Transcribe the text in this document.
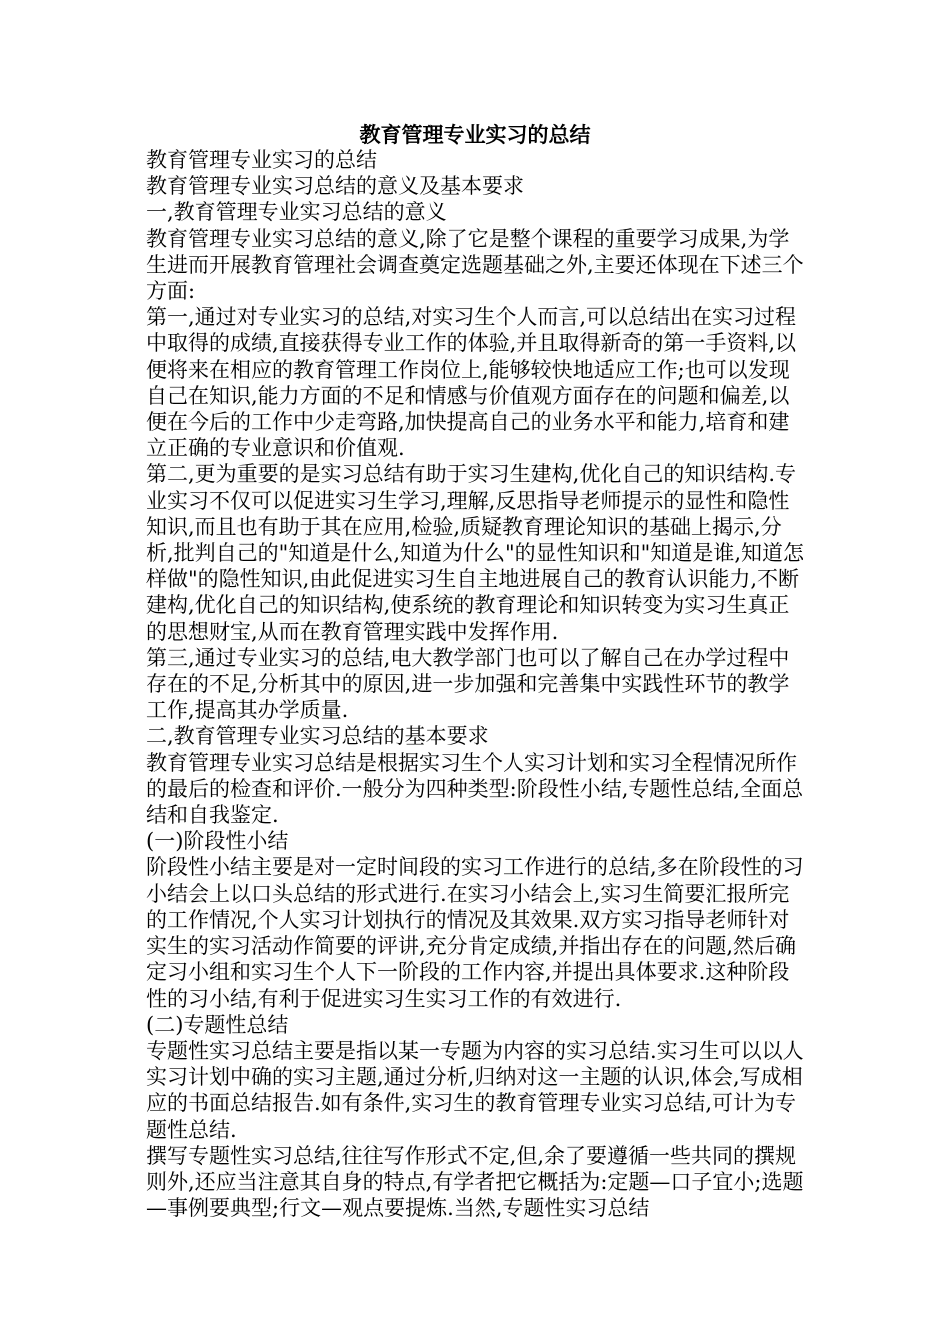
教育管理专业实习的总结

教育管理专业实习的总结

教育管理专业实习总结的意义及基本要求

一,教育管理专业实习总结的意义

教育管理专业实习总结的意义,除了它是整个课程的重要学习成果,为学生进而开展教育管理社会调查奠定选题基础之外,主要还体现在下述三个方面:

第一,通过对专业实习的总结,对实习生个人而言,可以总结出在实习过程中取得的成绩,直接获得专业工作的体验,并且取得新奇的第一手资料,以便将来在相应的教育管理工作岗位上,能够较快地适应工作;也可以发现自己在知识,能力方面的不足和情感与价值观方面存在的问题和偏差,以便在今后的工作中少走弯路,加快提高自己的业务水平和能力,培育和建立正确的专业意识和价值观.

第二,更为重要的是实习总结有助于实习生建构,优化自己的知识结构.专业实习不仅可以促进实习生学习,理解,反思指导老师提示的显性和隐性知识,而且也有助于其在应用,检验,质疑教育理论知识的基础上揭示,分析,批判自己的"知道是什么,知道为什么"的显性知识和"知道是谁,知道怎样做"的隐性知识,由此促进实习生自主地进展自己的教育认识能力,不断建构,优化自己的知识结构,使系统的教育理论和知识转变为实习生真正的思想财宝,从而在教育管理实践中发挥作用.

第三,通过专业实习的总结,电大教学部门也可以了解自己在办学过程中存在的不足,分析其中的原因,进一步加强和完善集中实践性环节的教学工作,提高其办学质量.

二,教育管理专业实习总结的基本要求

教育管理专业实习总结是根据实习生个人实习计划和实习全程情况所作的最后的检查和评价.一般分为四种类型:阶段性小结,专题性总结,全面总结和自我鉴定.

(一)阶段性小结

阶段性小结主要是对一定时间段的实习工作进行的总结,多在阶段性的习小结会上以口头总结的形式进行.在实习小结会上,实习生简要汇报所完的工作情况,个人实习计划执行的情况及其效果.双方实习指导老师针对实生的实习活动作简要的评讲,充分肯定成绩,并指出存在的问题,然后确定习小组和实习生个人下一阶段的工作内容,并提出具体要求.这种阶段性的习小结,有利于促进实习生实习工作的有效进行.

(二)专题性总结

专题性实习总结主要是指以某一专题为内容的实习总结.实习生可以以人实习计划中确的实习主题,通过分析,归纳对这一主题的认识,体会,写成相应的书面总结报告.如有条件,实习生的教育管理专业实习总结,可计为专题性总结.

撰写专题性实习总结,往往写作形式不定,但,余了要遵循一些共同的撰规则外,还应当注意其自身的特点,有学者把它概括为:定题—口子宜小;选题—事例要典型;行文—观点要提炼.当然,专题性实习总结
